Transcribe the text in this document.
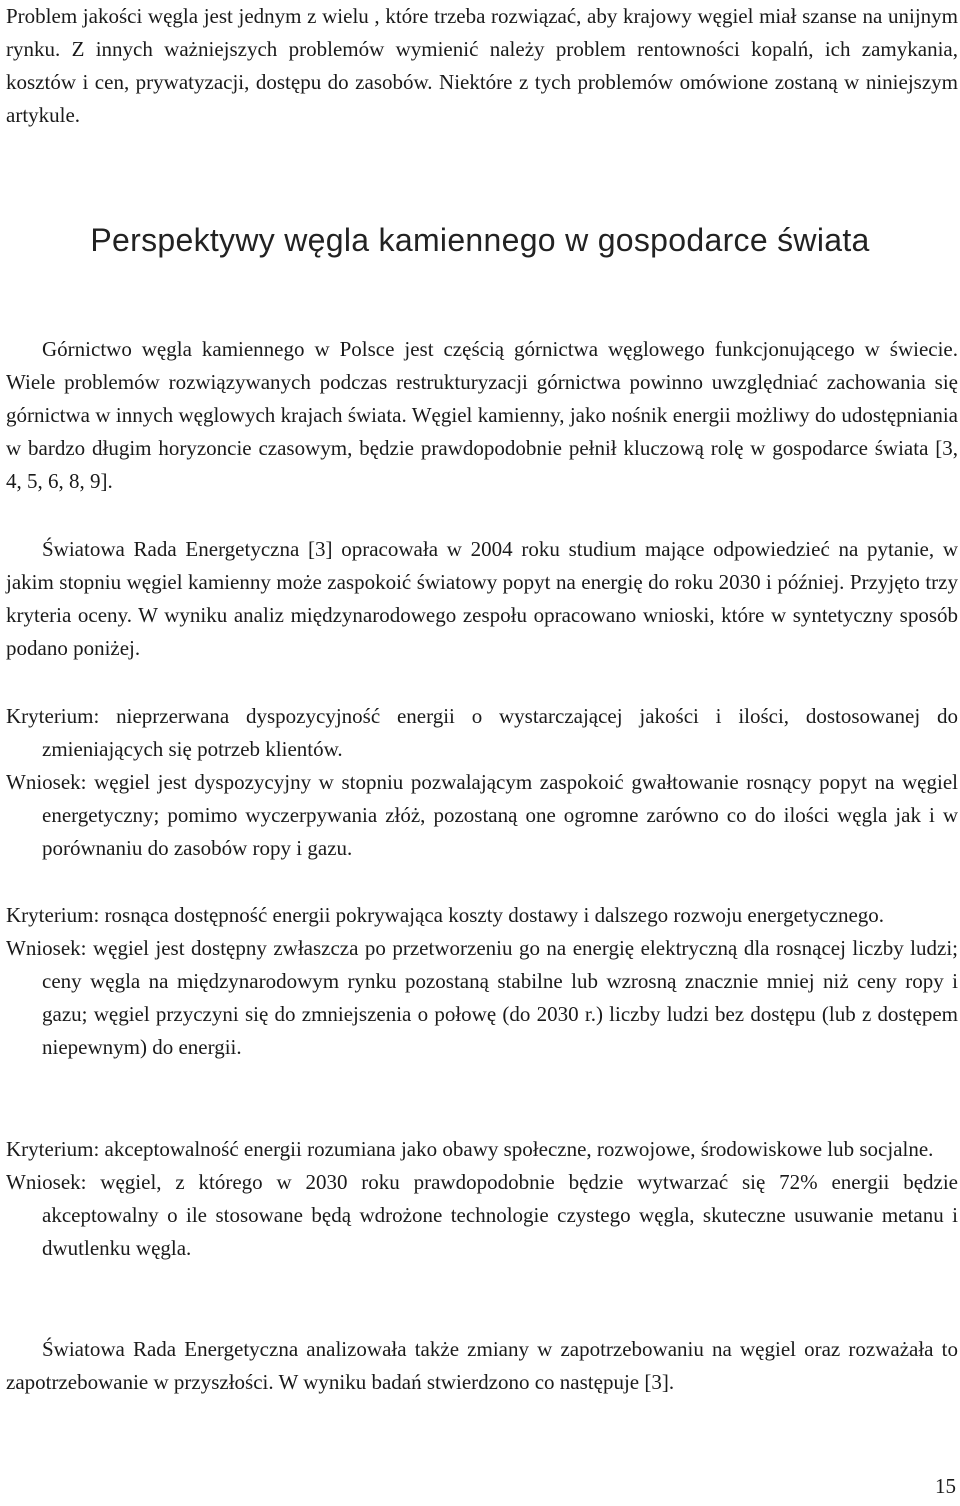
Problem jakości węgla jest jednym z wielu , które trzeba rozwiązać, aby krajowy węgiel miał szanse na unijnym rynku. Z innych ważniejszych problemów wymienić należy problem rentowności kopalń, ich zamykania, kosztów i cen, prywatyzacji, dostępu do zasobów. Niektóre z tych problemów omówione zostaną w niniejszym artykule.

Perspektywy węgla kamiennego w gospodarce świata

Górnictwo węgla kamiennego w Polsce jest częścią górnictwa węglowego funkcjonującego w świecie. Wiele problemów rozwiązywanych podczas restrukturyzacji górnictwa powinno uwzględniać zachowania się górnictwa w innych węglowych krajach świata. Węgiel kamienny, jako nośnik energii możliwy do udostępniania w bardzo długim horyzoncie czasowym, będzie prawdopodobnie pełnił kluczową rolę w gospodarce świata [3, 4, 5, 6, 8, 9].

Światowa Rada Energetyczna [3] opracowała w 2004 roku studium mające odpowiedzieć na pytanie, w jakim stopniu węgiel kamienny może zaspokoić światowy popyt na energię do roku 2030 i później. Przyjęto trzy kryteria oceny. W wyniku analiz międzynarodowego zespołu opracowano wnioski, które w syntetyczny sposób podano poniżej.

Kryterium: nieprzerwana dyspozycyjność energii o wystarczającej jakości i ilości, dostosowanej do zmieniających się potrzeb klientów.

Wniosek: węgiel jest dyspozycyjny w stopniu pozwalającym zaspokoić gwałtowanie rosnący popyt na węgiel energetyczny; pomimo wyczerpywania złóż, pozostaną one ogromne zarówno co do ilości węgla jak i w porównaniu do zasobów ropy i gazu.

Kryterium: rosnąca dostępność energii pokrywająca koszty dostawy i dalszego rozwoju energetycznego.

Wniosek: węgiel jest dostępny zwłaszcza po przetworzeniu go na energię elektryczną dla rosnącej liczby ludzi; ceny węgla na międzynarodowym rynku pozostaną stabilne lub wzrosną znacznie mniej niż ceny ropy i gazu; węgiel przyczyni się do zmniejszenia o połowę (do 2030 r.) liczby ludzi bez dostępu (lub z dostępem niepewnym) do energii.

Kryterium: akceptowalność energii rozumiana jako obawy społeczne, rozwojowe, środowiskowe lub socjalne.

Wniosek: węgiel, z którego w 2030 roku prawdopodobnie będzie wytwarzać się 72% energii będzie akceptowalny o ile stosowane będą wdrożone technologie czystego węgla, skuteczne usuwanie metanu i dwutlenku węgla.

Światowa Rada Energetyczna analizowała także zmiany w zapotrzebowaniu na węgiel oraz rozważała to zapotrzebowanie w przyszłości. W wyniku badań stwierdzono co następuje [3].

15
